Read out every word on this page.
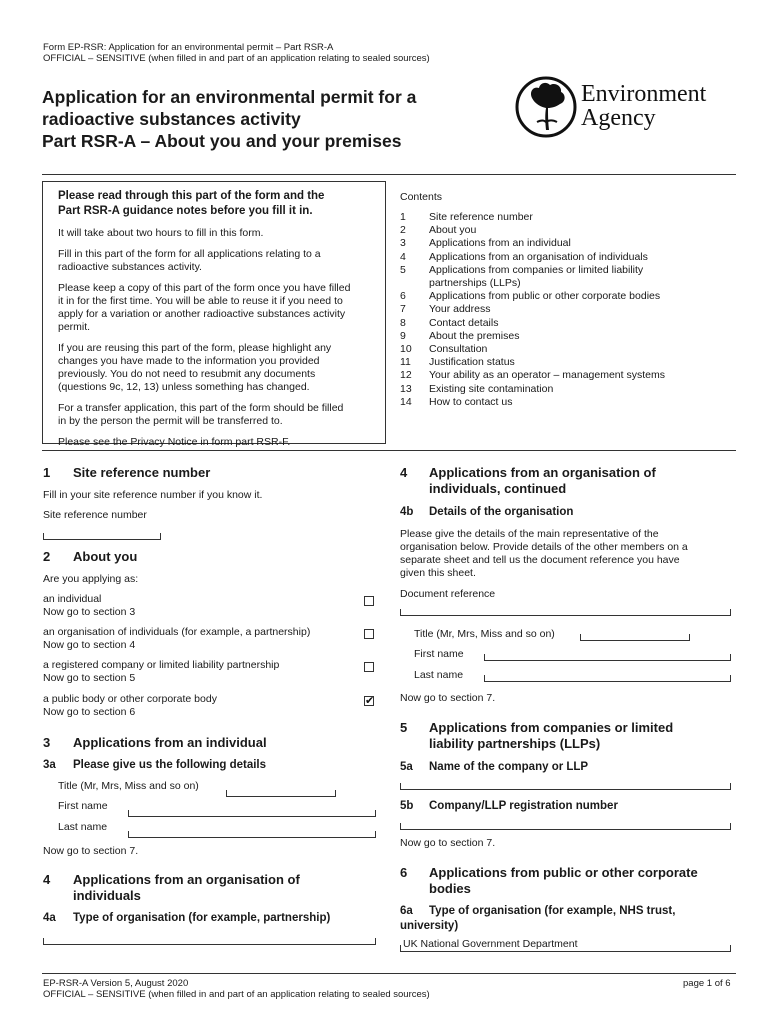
Form EP-RSR: Application for an environmental permit – Part RSR-A
OFFICIAL – SENSITIVE (when filled in and part of an application relating to sealed sources)
Application for an environmental permit for a
radioactive substances activity
Part RSR-A – About you and your premises
Environment
Agency
Please read through this part of the form and the
Part RSR-A guidance notes before you fill it in.
It will take about two hours to fill in this form.
Fill in this part of the form for all applications relating to a
radioactive substances activity.
Please keep a copy of this part of the form once you have filled
it in for the first time. You will be able to reuse it if you need to
apply for a variation or another radioactive substances activity
permit.
If you are reusing this part of the form, please highlight any
changes you have made to the information you provided
previously. You do not need to resubmit any documents
(questions 9c, 12, 13) unless something has changed.
For a transfer application, this part of the form should be filled
in by the person the permit will be transferred to.
Please see the Privacy Notice in form part RSR-F.
Contents
1 Site reference number
2 About you
3 Applications from an individual
4 Applications from an organisation of individuals
5 Applications from companies or limited liability
partnerships (LLPs)
6 Applications from public or other corporate bodies
7 Your address
8 Contact details
9 About the premises
10 Consultation
11 Justification status
12 Your ability as an operator – management systems
13 Existing site contamination
14 How to contact us
1 Site reference number
Fill in your site reference number if you know it.
Site reference number
2 About you
Are you applying as:
an individual
Now go to section 3
an organisation of individuals (for example, a partnership)
Now go to section 4
a registered company or limited liability partnership
Now go to section 5
a public body or other corporate body
Now go to section 6
✔
3 Applications from an individual
3a Please give us the following details
Title (Mr, Mrs, Miss and so on)
First name
Last name
Now go to section 7.
4 Applications from an organisation of
individuals
4a Type of organisation (for example, partnership)
4 Applications from an organisation of
individuals, continued
4b Details of the organisation
Please give the details of the main representative of the
organisation below. Provide details of the other members on a
separate sheet and tell us the document reference you have
given this sheet.
Document reference
Title (Mr, Mrs, Miss and so on)
First name
Last name
Now go to section 7.
5 Applications from companies or limited
liability partnerships (LLPs)
5a Name of the company or LLP
5b Company/LLP registration number
Now go to section 7.
6 Applications from public or other corporate
bodies
6a Type of organisation (for example, NHS trust,
university)
UK National Government Department
EP-RSR-A Version 5, August 2020
OFFICIAL – SENSITIVE (when filled in and part of an application relating to sealed sources)
page 1 of 6
